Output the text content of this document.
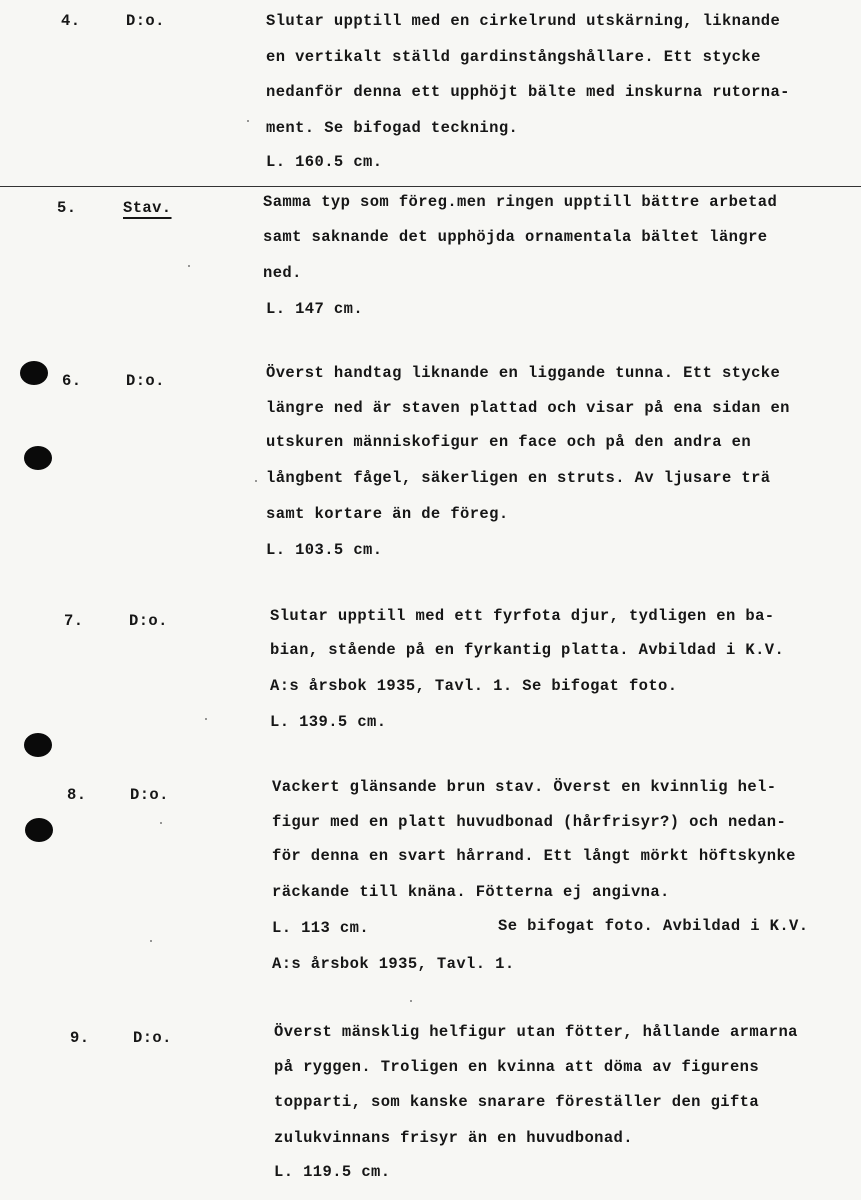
4.	D:o.	Slutar upptill med en cirkelrund utskärning, liknande
en vertikalt ställd gardinstångshållare. Ett stycke
nedanför denna ett upphöjt bälte med inskurna rutorna-
ment. Se bifogad teckning.
L. 160.5 cm.
5.	Stav.	Samma typ som föreg.men ringen upptill bättre arbetad
samt saknande det upphöjda ornamentala bältet längre
ned.
L. 147 cm.
6.	D:o.	Överst handtag liknande en liggande tunna. Ett stycke
längre ned är staven plattad och visar på ena sidan en
utskuren människofigur en face och på den andra en
långbent fågel, säkerligen en struts. Av ljusare trä
samt kortare än de föreg.
L. 103.5 cm.
7.	D:o.	Slutar upptill med ett fyrfota djur, tydligen en ba-
bian, stående på en fyrkantig platta. Avbildad i K.V.
A:s årsbok 1935, Tavl. 1. Se bifogat foto.
L. 139.5 cm.
8.	D:o.	Vackert glänsande brun stav. Överst en kvinnlig hel-
figur med en platt huvudbonad (hårfrisyr?) och nedan-
för denna en svart hårrand. Ett långt mörkt höftskynke
räckande till knäna. Fötterna ej angivna.
L. 113 cm.	Se bifogat foto. Avbildad i K.V.
A:s årsbok 1935, Tavl. 1.
9.	D:o.	Överst mänsklig helfigur utan fötter, hållande armarna
på ryggen. Troligen en kvinna att döma av figurens
topparti, som kanske snarare föreställer den gifta
zulukvinnans frisyr än en huvudbonad.
L. 119.5 cm.
